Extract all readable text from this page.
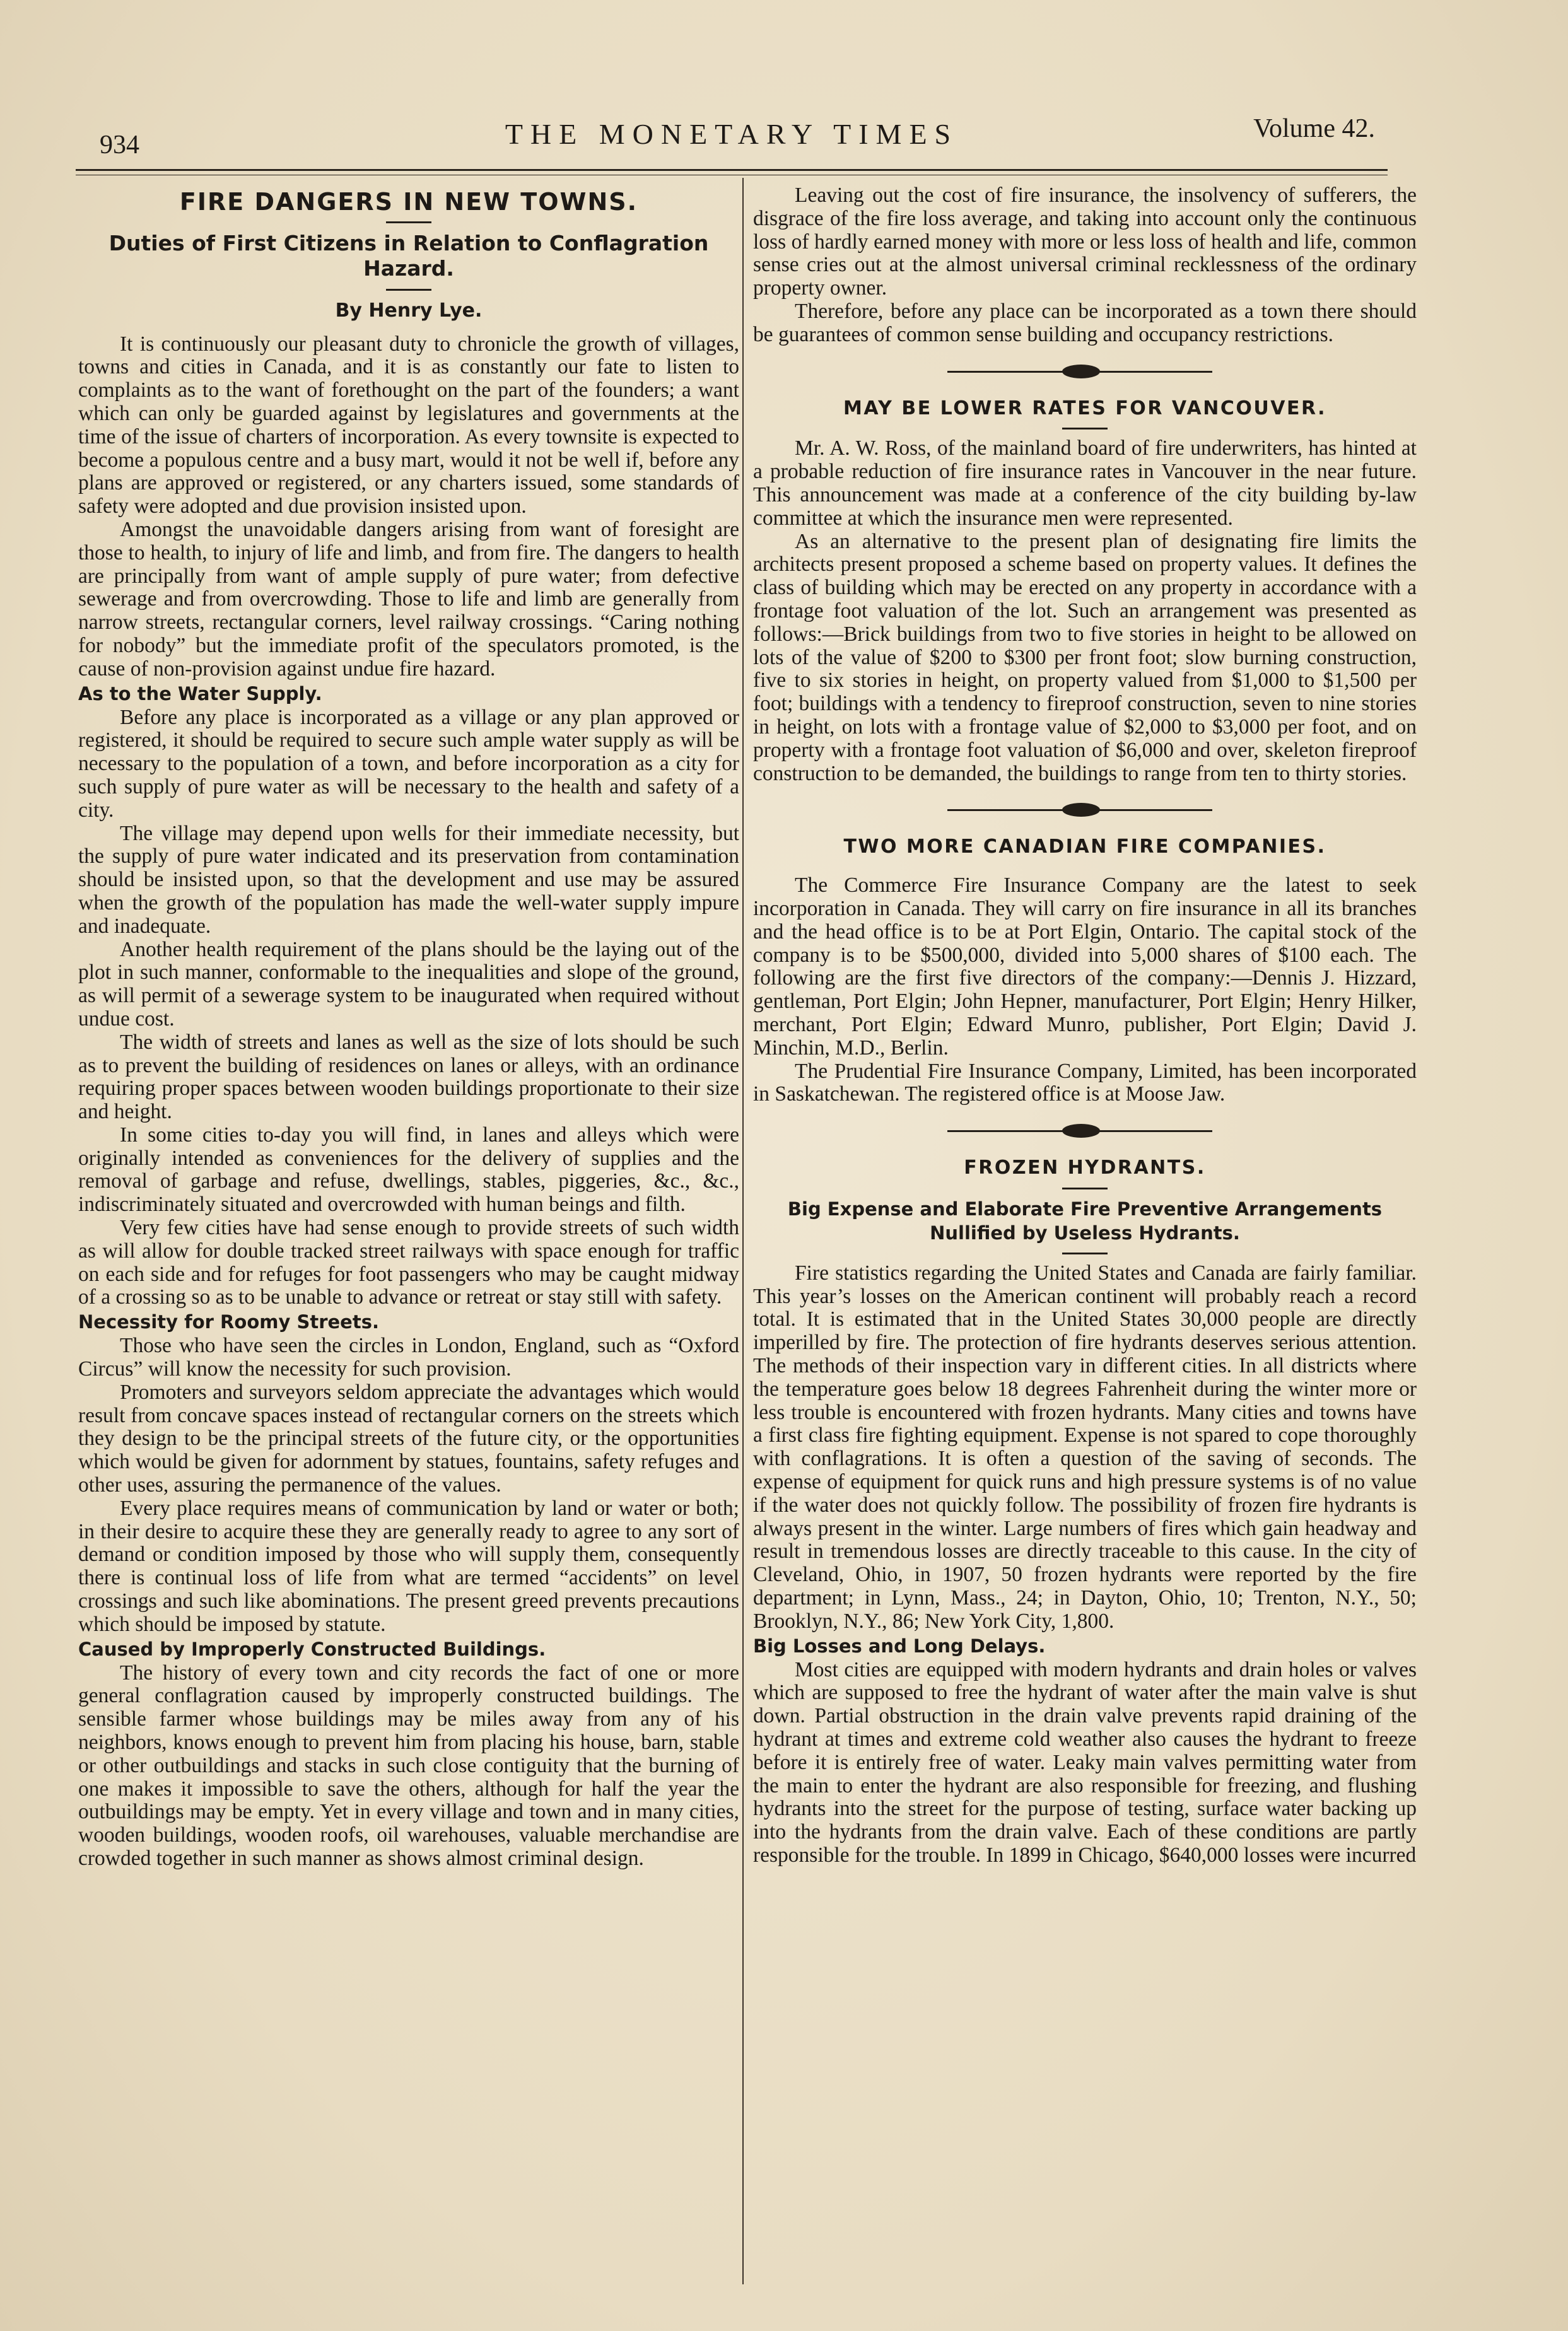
934	THE MONETARY TIMES	Volume 42.
FIRE DANGERS IN NEW TOWNS.

Duties of First Citizens in Relation to Conflagration Hazard.

By Henry Lye.

It is continuously our pleasant duty to chronicle the growth of villages, towns and cities in Canada, and it is as constantly our fate to listen to complaints as to the want of forethought on the part of the founders; a want which can only be guarded against by legislatures and governments at the time of the issue of charters of incorporation. As every townsite is expected to become a populous centre and a busy mart, would it not be well if, before any plans are approved or registered, or any charters issued, some standards of safety were adopted and due provision insisted upon.

Amongst the unavoidable dangers arising from want of foresight are those to health, to injury of life and limb, and from fire. The dangers to health are principally from want of ample supply of pure water; from defective sewerage and from overcrowding. Those to life and limb are generally from narrow streets, rectangular corners, level railway crossings. “Caring nothing for nobody” but the immediate profit of the speculators promoted, is the cause of non-provision against undue fire hazard.

As to the Water Supply.

Before any place is incorporated as a village or any plan approved or registered, it should be required to secure such ample water supply as will be necessary to the population of a town, and before incorporation as a city for such supply of pure water as will be necessary to the health and safety of a city.

The village may depend upon wells for their immediate necessity, but the supply of pure water indicated and its preservation from contamination should be insisted upon, so that the development and use may be assured when the growth of the population has made the well-water supply impure and inadequate.

Another health requirement of the plans should be the laying out of the plot in such manner, conformable to the inequalities and slope of the ground, as will permit of a sewerage system to be inaugurated when required without undue cost.

The width of streets and lanes as well as the size of lots should be such as to prevent the building of residences on lanes or alleys, with an ordinance requiring proper spaces between wooden buildings proportionate to their size and height.

In some cities to-day you will find, in lanes and alleys which were originally intended as conveniences for the delivery of supplies and the removal of garbage and refuse, dwellings, stables, piggeries, &c., &c., indiscriminately situated and overcrowded with human beings and filth.

Very few cities have had sense enough to provide streets of such width as will allow for double tracked street railways with space enough for traffic on each side and for refuges for foot passengers who may be caught midway of a crossing so as to be unable to advance or retreat or stay still with safety.

Necessity for Roomy Streets.

Those who have seen the circles in London, England, such as “Oxford Circus” will know the necessity for such provision.

Promoters and surveyors seldom appreciate the advantages which would result from concave spaces instead of rectangular corners on the streets which they design to be the principal streets of the future city, or the opportunities which would be given for adornment by statues, fountains, safety refuges and other uses, assuring the permanence of the values.

Every place requires means of communication by land or water or both; in their desire to acquire these they are generally ready to agree to any sort of demand or condition imposed by those who will supply them, consequently there is continual loss of life from what are termed “accidents” on level crossings and such like abominations. The present greed prevents precautions which should be imposed by statute.

Caused by Improperly Constructed Buildings.

The history of every town and city records the fact of one or more general conflagration caused by improperly constructed buildings. The sensible farmer whose buildings may be miles away from any of his neighbors, knows enough to prevent him from placing his house, barn, stable or other outbuildings and stacks in such close contiguity that the burning of one makes it impossible to save the others, although for half the year the outbuildings may be empty. Yet in every village and town and in many cities, wooden buildings, wooden roofs, oil warehouses, valuable merchandise are crowded together in such manner as shows almost criminal design.

Leaving out the cost of fire insurance, the insolvency of sufferers, the disgrace of the fire loss average, and taking into account only the continuous loss of hardly earned money with more or less loss of health and life, common sense cries out at the almost universal criminal recklessness of the ordinary property owner.

Therefore, before any place can be incorporated as a town there should be guarantees of common sense building and occupancy restrictions.

MAY BE LOWER RATES FOR VANCOUVER.

Mr. A. W. Ross, of the mainland board of fire underwriters, has hinted at a probable reduction of fire insurance rates in Vancouver in the near future. This announcement was made at a conference of the city building by-law committee at which the insurance men were represented.

As an alternative to the present plan of designating fire limits the architects present proposed a scheme based on property values. It defines the class of building which may be erected on any property in accordance with a frontage foot valuation of the lot. Such an arrangement was presented as follows:—Brick buildings from two to five stories in height to be allowed on lots of the value of $200 to $300 per front foot; slow burning construction, five to six stories in height, on property valued from $1,000 to $1,500 per foot; buildings with a tendency to fireproof construction, seven to nine stories in height, on lots with a frontage value of $2,000 to $3,000 per foot, and on property with a frontage foot valuation of $6,000 and over, skeleton fireproof construction to be demanded, the buildings to range from ten to thirty stories.

TWO MORE CANADIAN FIRE COMPANIES.

The Commerce Fire Insurance Company are the latest to seek incorporation in Canada. They will carry on fire insurance in all its branches and the head office is to be at Port Elgin, Ontario. The capital stock of the company is to be $500,000, divided into 5,000 shares of $100 each. The following are the first five directors of the company:—Dennis J. Hizzard, gentleman, Port Elgin; John Hepner, manufacturer, Port Elgin; Henry Hilker, merchant, Port Elgin; Edward Munro, publisher, Port Elgin; David J. Minchin, M.D., Berlin.

The Prudential Fire Insurance Company, Limited, has been incorporated in Saskatchewan. The registered office is at Moose Jaw.

FROZEN HYDRANTS.

Big Expense and Elaborate Fire Preventive Arrangements Nullified by Useless Hydrants.

Fire statistics regarding the United States and Canada are fairly familiar. This year’s losses on the American continent will probably reach a record total. It is estimated that in the United States 30,000 people are directly imperilled by fire. The protection of fire hydrants deserves serious attention. The methods of their inspection vary in different cities. In all districts where the temperature goes below 18 degrees Fahrenheit during the winter more or less trouble is encountered with frozen hydrants. Many cities and towns have a first class fire fighting equipment. Expense is not spared to cope thoroughly with conflagrations. It is often a question of the saving of seconds. The expense of equipment for quick runs and high pressure systems is of no value if the water does not quickly follow. The possibility of frozen fire hydrants is always present in the winter. Large numbers of fires which gain headway and result in tremendous losses are directly traceable to this cause. In the city of Cleveland, Ohio, in 1907, 50 frozen hydrants were reported by the fire department; in Lynn, Mass., 24; in Dayton, Ohio, 10; Trenton, N.Y., 50; Brooklyn, N.Y., 86; New York City, 1,800.

Big Losses and Long Delays.

Most cities are equipped with modern hydrants and drain holes or valves which are supposed to free the hydrant of water after the main valve is shut down. Partial obstruction in the drain valve prevents rapid draining of the hydrant at times and extreme cold weather also causes the hydrant to freeze before it is entirely free of water. Leaky main valves permitting water from the main to enter the hydrant are also responsible for freezing, and flushing hydrants into the street for the purpose of testing, surface water backing up into the hydrants from the drain valve. Each of these conditions are partly responsible for the trouble. In 1899 in Chicago, $640,000 losses were incurred
